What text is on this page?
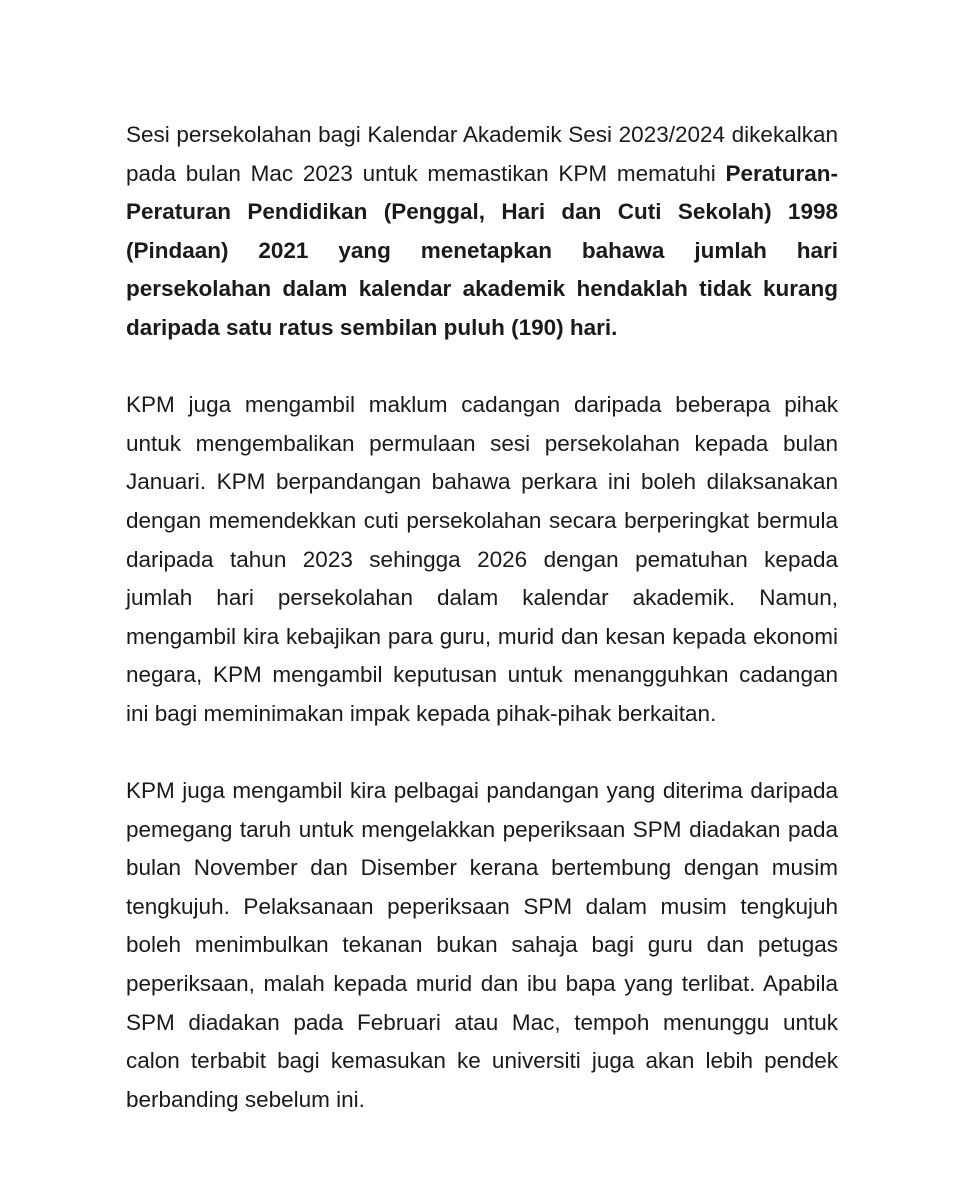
Sesi persekolahan bagi Kalendar Akademik Sesi 2023/2024 dikekalkan pada bulan Mac 2023 untuk memastikan KPM mematuhi Peraturan-Peraturan Pendidikan (Penggal, Hari dan Cuti Sekolah) 1998 (Pindaan) 2021 yang menetapkan bahawa jumlah hari persekolahan dalam kalendar akademik hendaklah tidak kurang daripada satu ratus sembilan puluh (190) hari.

KPM juga mengambil maklum cadangan daripada beberapa pihak untuk mengembalikan permulaan sesi persekolahan kepada bulan Januari. KPM berpandangan bahawa perkara ini boleh dilaksanakan dengan memendekkan cuti persekolahan secara berperingkat bermula daripada tahun 2023 sehingga 2026 dengan pematuhan kepada jumlah hari persekolahan dalam kalendar akademik. Namun, mengambil kira kebajikan para guru, murid dan kesan kepada ekonomi negara, KPM mengambil keputusan untuk menangguhkan cadangan ini bagi meminimakan impak kepada pihak-pihak berkaitan.

KPM juga mengambil kira pelbagai pandangan yang diterima daripada pemegang taruh untuk mengelakkan peperiksaan SPM diadakan pada bulan November dan Disember kerana bertembung dengan musim tengkujuh. Pelaksanaan peperiksaan SPM dalam musim tengkujuh boleh menimbulkan tekanan bukan sahaja bagi guru dan petugas peperiksaan, malah kepada murid dan ibu bapa yang terlibat. Apabila SPM diadakan pada Februari atau Mac, tempoh menunggu untuk calon terbabit bagi kemasukan ke universiti juga akan lebih pendek berbanding sebelum ini.
